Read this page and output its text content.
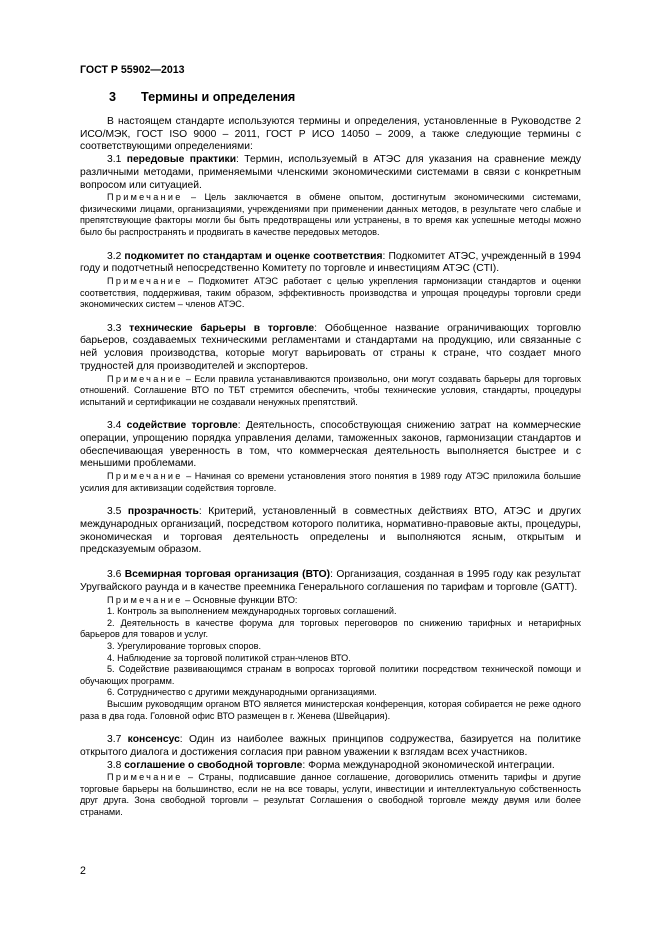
ГОСТ Р 55902—2013
3 Термины и определения

В настоящем стандарте используются термины и определения, установленные в Руководстве 2 ИСО/МЭК, ГОСТ ISO 9000 – 2011, ГОСТ Р ИСО 14050 – 2009, а также следующие термины с соответствующими определениями:

3.1 передовые практики: Термин, используемый в АТЭС для указания на сравнение между различными методами, применяемыми членскими экономическими системами в связи с конкретным вопросом или ситуацией.

Примечание – Цель заключается в обмене опытом, достигнутым экономическими системами, физическими лицами, организациями, учреждениями при применении данных методов, в результате чего слабые и препятствующие факторы могли бы быть предотвращены или устранены, в то время как успешные методы можно было бы распространять и продвигать в качестве передовых методов.

3.2 подкомитет по стандартам и оценке соответствия: Подкомитет АТЭС, учрежденный в 1994 году и подотчетный непосредственно Комитету по торговле и инвестициям АТЭС (CTI).

Примечание – Подкомитет АТЭС работает с целью укрепления гармонизации стандартов и оценки соответствия, поддерживая, таким образом, эффективность производства и упрощая процедуры торговли среди экономических систем – членов АТЭС.

3.3 технические барьеры в торговле: Обобщенное название ограничивающих торговлю барьеров, создаваемых техническими регламентами и стандартами на продукцию, или связанные с ней условия производства, которые могут варьировать от страны к стране, что создает много трудностей для производителей и экспортеров.

Примечание – Если правила устанавливаются произвольно, они могут создавать барьеры для торговых отношений. Соглашение ВТО по ТБТ стремится обеспечить, чтобы технические условия, стандарты, процедуры испытаний и сертификации не создавали ненужных препятствий.

3.4 содействие торговле: Деятельность, способствующая снижению затрат на коммерческие операции, упрощению порядка управления делами, таможенных законов, гармонизации стандартов и обеспечивающая уверенность в том, что коммерческая деятельность выполняется быстрее и с меньшими проблемами.

Примечание – Начиная со времени установления этого понятия в 1989 году АТЭС приложила большие усилия для активизации содействия торговле.

3.5 прозрачность: Критерий, установленный в совместных действиях ВТО, АТЭС и других международных организаций, посредством которого политика, нормативно-правовые акты, процедуры, экономическая и торговая деятельность определены и выполняются ясным, открытым и предсказуемым образом.

3.6 Всемирная торговая организация (ВТО): Организация, созданная в 1995 году как результат Уругвайского раунда и в качестве преемника Генерального соглашения по тарифам и торговле (GATT).

Примечание – Основные функции ВТО:

1. Контроль за выполнением международных торговых соглашений.

2. Деятельность в качестве форума для торговых переговоров по снижению тарифных и нетарифных барьеров для товаров и услуг.

3. Урегулирование торговых споров.

4. Наблюдение за торговой политикой стран-членов ВТО.

5. Содействие развивающимся странам в вопросах торговой политики посредством технической помощи и обучающих программ.

6. Сотрудничество с другими международными организациями.

Высшим руководящим органом ВТО является министерская конференция, которая собирается не реже одного раза в два года. Головной офис ВТО размещен в г. Женева (Швейцария).

3.7 консенсус: Один из наиболее важных принципов содружества, базируется на политике открытого диалога и достижения согласия при равном уважении к взглядам всех участников.

3.8 соглашение о свободной торговле: Форма международной экономической интеграции.

Примечание – Страны, подписавшие данное соглашение, договорились отменить тарифы и другие торговые барьеры на большинство, если не на все товары, услуги, инвестиции и интеллектуальную собственность друг друга. Зона свободной торговли – результат Соглашения о свободной торговле между двумя или более странами.

2
